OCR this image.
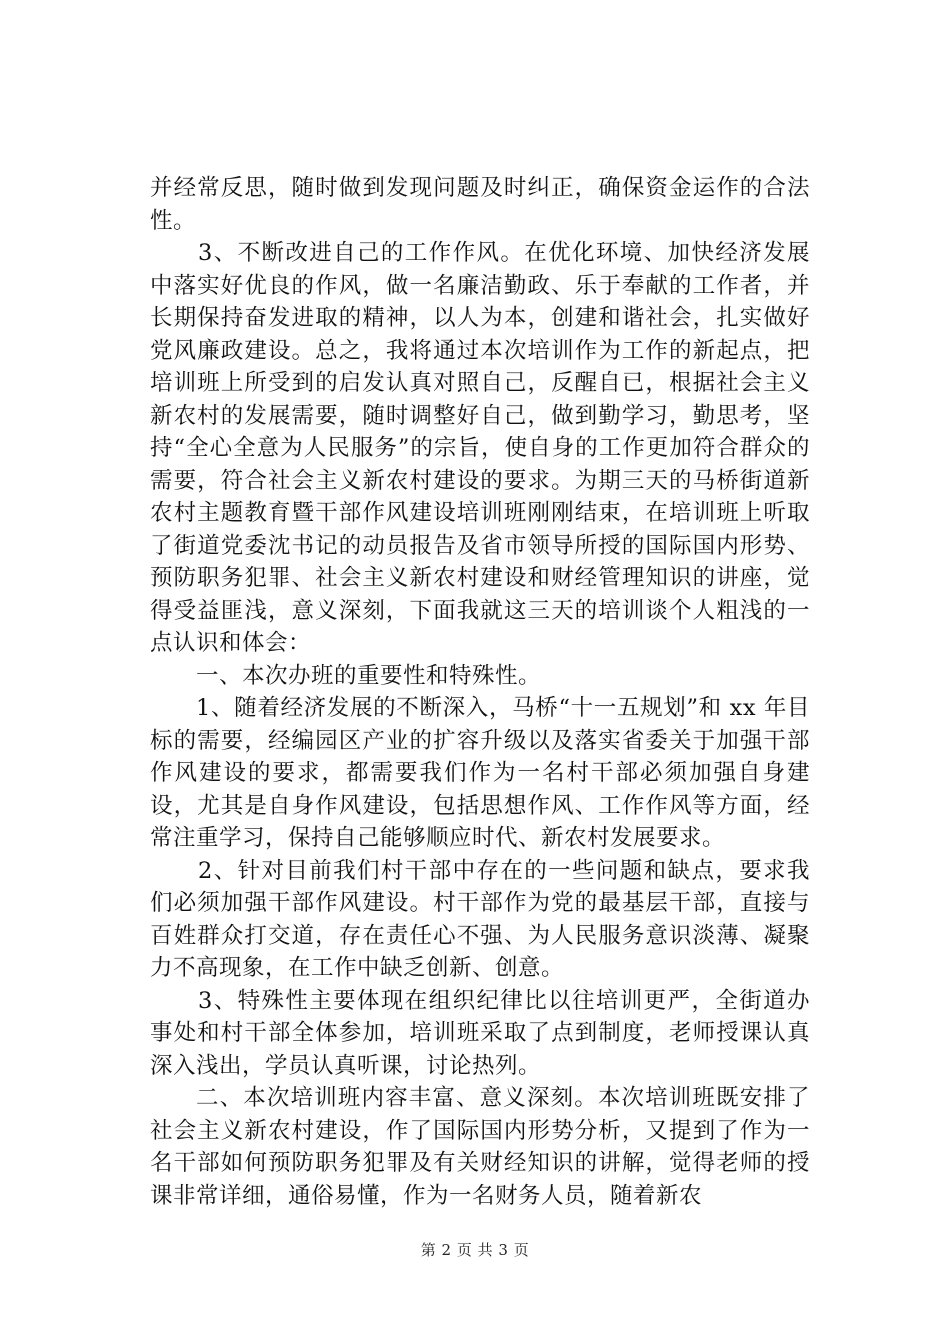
并经常反思，随时做到发现问题及时纠正，确保资金运作的合法性。

3、不断改进自己的工作作风。在优化环境、加快经济发展中落实好优良的作风，做一名廉洁勤政、乐于奉献的工作者，并长期保持奋发进取的精神，以人为本，创建和谐社会，扎实做好党风廉政建设。总之，我将通过本次培训作为工作的新起点，把培训班上所受到的启发认真对照自己，反醒自已，根据社会主义新农村的发展需要，随时调整好自己，做到勤学习，勤思考，坚持“全心全意为人民服务”的宗旨，使自身的工作更加符合群众的需要，符合社会主义新农村建设的要求。为期三天的马桥街道新农村主题教育暨干部作风建设培训班刚刚结束，在培训班上听取了街道党委沈书记的动员报告及省市领导所授的国际国内形势、预防职务犯罪、社会主义新农村建设和财经管理知识的讲座，觉得受益匪浅，意义深刻，下面我就这三天的培训谈个人粗浅的一点认识和体会：

一、本次办班的重要性和特殊性。

1、随着经济发展的不断深入，马桥“十一五规划”和 xx 年目标的需要，经编园区产业的扩容升级以及落实省委关于加强干部作风建设的要求，都需要我们作为一名村干部必须加强自身建设，尤其是自身作风建设，包括思想作风、工作作风等方面，经常注重学习，保持自己能够顺应时代、新农村发展要求。

2、针对目前我们村干部中存在的一些问题和缺点，要求我们必须加强干部作风建设。村干部作为党的最基层干部，直接与百姓群众打交道，存在责任心不强、为人民服务意识淡薄、凝聚力不高现象，在工作中缺乏创新、创意。

3、特殊性主要体现在组织纪律比以往培训更严，全街道办事处和村干部全体参加，培训班采取了点到制度，老师授课认真深入浅出，学员认真听课，讨论热列。

二、本次培训班内容丰富、意义深刻。本次培训班既安排了社会主义新农村建设，作了国际国内形势分析，又提到了作为一名干部如何预防职务犯罪及有关财经知识的讲解，觉得老师的授课非常详细，通俗易懂，作为一名财务人员，随着新农

第 2 页 共 3 页
